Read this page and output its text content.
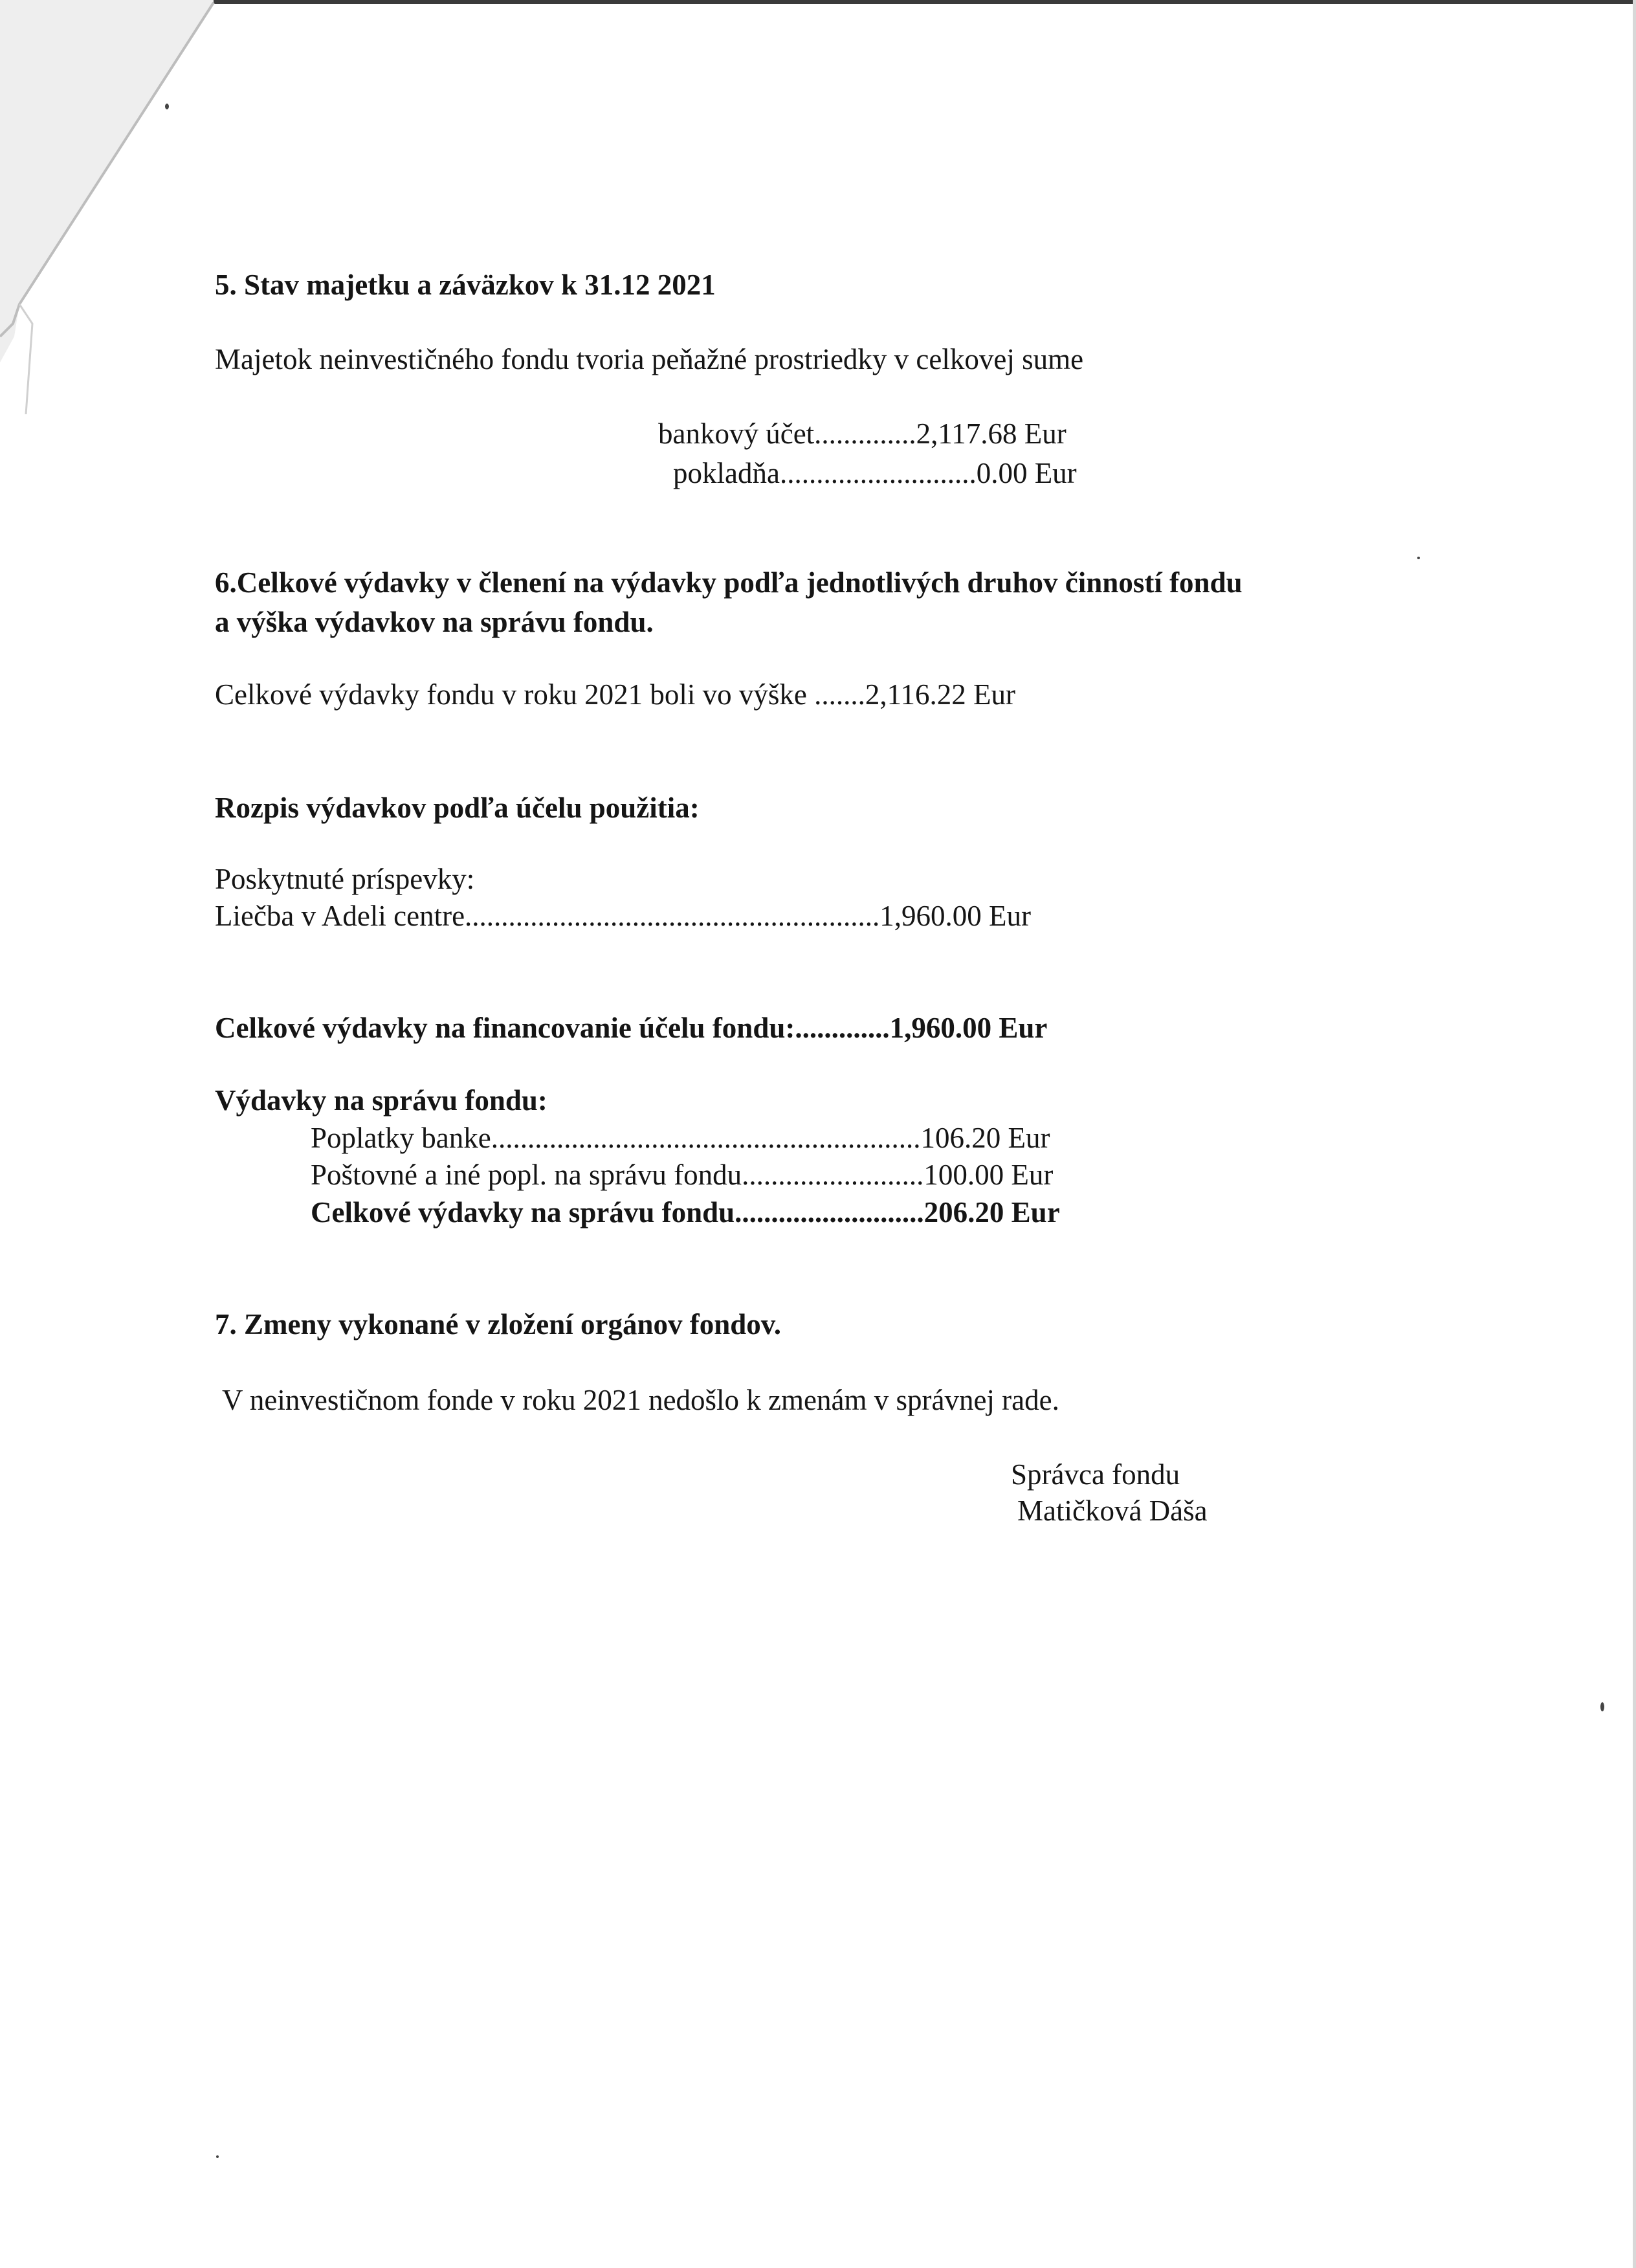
5. Stav majetku a záväzkov k 31.12 2021
Majetok neinvestičného fondu tvoria peňažné prostriedky v celkovej sume
bankový účet..............2,117.68 Eur
pokladňa...........................0.00 Eur
6.Celkové výdavky v členení na výdavky podľa jednotlivých druhov činností fondu
a výška výdavkov na správu fondu.
Celkové výdavky fondu v roku 2021 boli vo výške .......2,116.22 Eur
Rozpis výdavkov podľa účelu použitia:
Poskytnuté príspevky:
Liečba v Adeli centre.........................................................1,960.00 Eur
Celkové výdavky na financovanie účelu fondu:.............1,960.00 Eur
Výdavky na správu fondu:
Poplatky banke...........................................................106.20 Eur
Poštovné a iné popl. na správu fondu.........................100.00 Eur
Celkové výdavky na správu fondu..........................206.20 Eur
7. Zmeny vykonané v zložení orgánov fondov.
V neinvestičnom fonde v roku 2021 nedošlo k zmenám v správnej rade.
Správca fondu
Matičková Dáša
